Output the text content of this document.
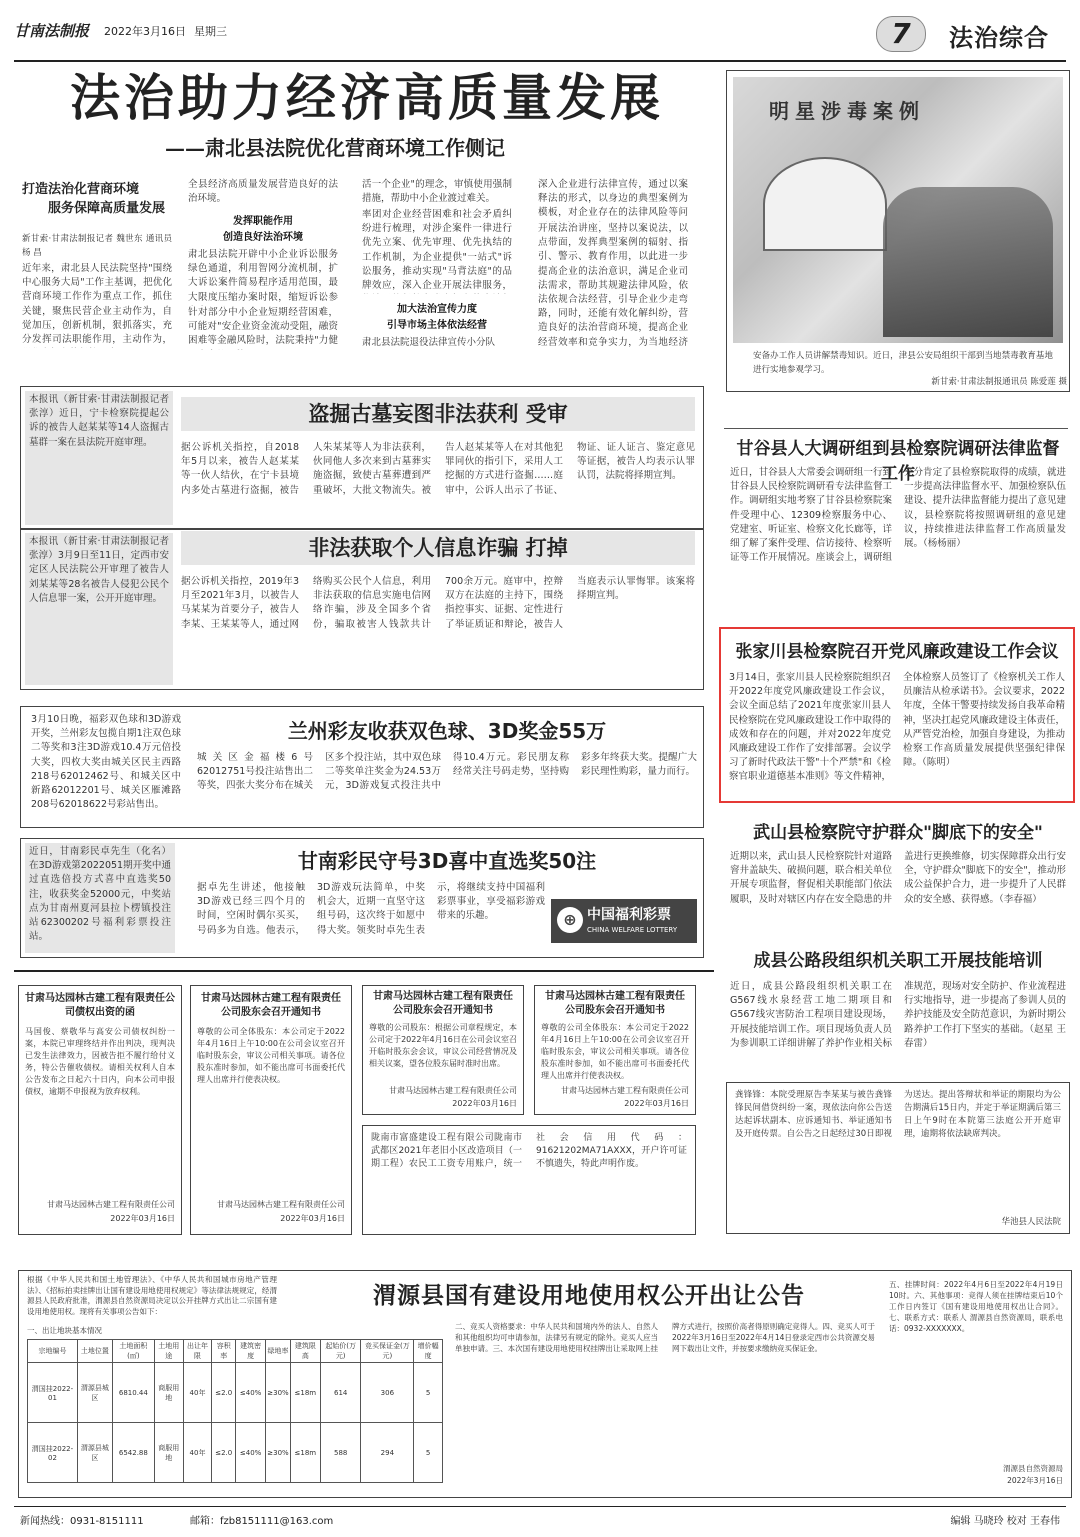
甘南法制报 2022年3月16日 星期三	7	法治综合
法治助力经济高质量发展
——肃北县法院优化营商环境工作侧记
打造法治化营商环境
服务保障高质量发展
新甘索·甘肃法制报记者 魏世东 通讯员 杨 昌
近年来，肃北县人民法院坚持"围绕中心服务大局"工作主基调，把优化营商环境工作作为重点工作，抓住关键，聚焦民营企业主动作为，自觉加压，创新机制，狠抓落实，充分发挥司法职能作用，主动作为，
全县经济高质量发展营造良好的法治环境。
发挥职能作用
创造良好法治环境
肃北县法院开辟中小企业诉讼服务绿色通道，利用智网分流机制，扩大诉讼案件简易程序适用范围，最大限度压缩办案时限，缩短诉讼参
针对部分中小企业短期经营困难，可能对"安企业资金流动受阻，融资困难等金融风险时，法院秉持"力健
活一个企业"的理念，审慎使用强制措施，帮助中小企业渡过难关。
率团对企业经营困难和社会矛盾纠纷进行梳理，对涉企案件一律进行优先立案、优先审理、优先执结的工作机制，为企业提供"一站式"诉讼服务，推动实现"马背法庭"的品牌效应，深入企业开展法律服务，
加大法治宣传力度
引导市场主体依法经营
肃北县法院退役法律宣传小分队
深入企业进行法律宣传，通过以案释法的形式，以身边的典型案例为模板，对企业存在的法律风险等问
开展法治讲座，坚持以案说法，以点带面，发挥典型案例的辐射、指引、警示、教育作用，以此进一步提高企业的法治意识，满足企业司法需求，帮助其规避法律风险，依法依规合法经营，引导企业少走弯路，同时，还能有效化解纠纷，营造良好的法治营商环境，提高企业经营效率和竞争实力，为当地经济
明星涉毒案例
安备办工作人员讲解禁毒知识。近日，津县公安局组织干部到当地禁毒教育基地进行实地参观学习。
新甘索·甘肃法制报通讯员 陈爱莲 摄
本报讯（新甘索·甘肃法制报记者 张淳）近日，宁卡检察院提起公诉的被告人赵某某等14人盗掘古墓群一案在县法院开庭审理。
盗掘古墓妄图非法获利 受审
据公诉机关指控，自2018年5月以来，被告人赵某某等一伙人结伙，在宁卡县境内多处古墓进行盗掘，被告人朱某某等人为非法获利，伙同他人多次来到古墓葬实施盗掘，致使古墓葬遭到严重破坏，大批文物流失。被告人赵某某等人在对其他犯罪同伙的指引下，采用人工挖掘的方式进行盗掘……庭审中，公诉人出示了书证、物证、证人证言、鉴定意见等证据，被告人均表示认罪认罚，法院将择期宣判。
本报讯（新甘索·甘肃法制报记者 张淳）3月9日至11日，定西市安定区人民法院公开审理了被告人刘某某等28名被告人侵犯公民个人信息罪一案，公开开庭审理。
非法获取个人信息诈骗 打掉
据公诉机关指控，2019年3月至2021年3月，以被告人马某某为首要分子，被告人李某、王某某等人，通过网络购买公民个人信息，利用非法获取的信息实施电信网络诈骗，涉及全国多个省份，骗取被害人钱款共计700余万元。庭审中，控辩双方在法庭的主持下，围绕指控事实、证据、定性进行了举证质证和辩论，被告人当庭表示认罪悔罪。该案将择期宣判。
3月10日晚，福彩双色球和3D游戏开奖，兰州彩友包揽自期1注双色球二等奖和3注3D游戏10.4万元倍投大奖，四枚大奖由城关区民主西路218号62012462号、和城关区中新路62012201号、城关区雁滩路208号62018622号彩站售出。
兰州彩友收获双色球、3D奖金55万
城关区金福楼6号62012751号投注站售出二等奖，四张大奖分布在城关区多个投注站，其中双色球二等奖单注奖金为24.53万元，3D游戏复式投注共中得10.4万元。彩民朋友称经常关注号码走势，坚持购彩多年终获大奖。提醒广大彩民理性购彩，量力而行。
近日，甘南彩民卓先生（化名）在3D游戏第2022051期开奖中通过直选倍投方式喜中直选奖50注，收获奖金52000元，中奖站点为甘南州夏河县拉卜楞镇投注站62300202号福利彩票投注站。
甘南彩民守号3D喜中直选奖50注
据卓先生讲述，他接触3D游戏已经三四个月的时间，空闲时偶尔买买，号码多为自选。他表示，3D游戏玩法简单，中奖机会大，近期一直坚守这组号码，这次终于如愿中得大奖。领奖时卓先生表示，将继续支持中国福利彩票事业，享受福彩游戏带来的乐趣。	⊕ 中国福利彩票
CHINA WELFARE LOTTERY
甘谷县人大调研组到县检察院调研法律监督工作
近日，甘谷县人大常委会调研组一行到甘谷县人民检察院调研看专法律监督工作。调研组实地考察了甘谷县检察院案件受理中心、12309检察服务中心、党建室、听证室、检察文化长廊等，详细了解了案件受理、信访接待、检察听证等工作开展情况。座谈会上，调研组充分肯定了县检察院取得的成绩，就进一步提高法律监督水平、加强检察队伍建设、提升法律监督能力提出了意见建议，县检察院将按照调研组的意见建议，持续推进法律监督工作高质量发展。（杨杨丽）
张家川县检察院召开党风廉政建设工作会议
3月14日，张家川县人民检察院组织召开2022年度党风廉政建设工作会议，会议全面总结了2021年度张家川县人民检察院在党风廉政建设工作中取得的成效和存在的问题，并对2022年度党风廉政建设工作作了安排部署。会议学习了新时代政法干警"十个严禁"和《检察官职业道德基本准则》等文件精神，全体检察人员签订了《检察机关工作人员廉洁从检承诺书》。会议要求，2022年度，全体干警要持续发扬自我革命精神，坚决扛起党风廉政建设主体责任，从严管党治检，加强自身建设，为推动检察工作高质量发展提供坚强纪律保障。（陈明）
武山县检察院守护群众"脚底下的安全"
近期以来，武山县人民检察院针对道路窨井盖缺失、破损问题，联合相关单位开展专项监督，督促相关职能部门依法履职，及时对辖区内存在安全隐患的井盖进行更换维修，切实保障群众出行安全，守护群众"脚底下的安全"，推动形成公益保护合力，进一步提升了人民群众的安全感、获得感。（李春福）
成县公路段组织机关职工开展技能培训
近日，成县公路段组织机关职工在G567线水泉经营工地二期项目和G567线灾害防治工程项目建设现场，开展技能培训工作。项目现场负责人员为参训职工详细讲解了养护作业相关标准规范，现场对安全防护、作业流程进行实地指导，进一步提高了参训人员的养护技能及安全防范意识，为新时期公路养护工作打下坚实的基础。（赵星 王春雷）
甘肃马达园林古建工程有限责任公司债权出资的函
马国俊、蔡敬华与高安公司债权纠纷一案，本院已审理终结并作出判决，现判决已发生法律效力，因被告拒不履行给付义务，特公告催收债权。请相关权利人自本公告发布之日起六十日内，向本公司申报债权，逾期不申报视为放弃权利。
甘肃马达园林古建工程有限责任公司
2022年03月16日
甘肃马达园林古建工程有限责任公司股东会召开通知书
尊敬的公司全体股东：本公司定于2022年4月16日上午10:00在公司会议室召开临时股东会，审议公司相关事项。请各位股东准时参加，如不能出席可书面委托代理人出席并行使表决权。
甘肃马达园林古建工程有限责任公司
2022年03月16日
甘肃马达园林古建工程有限责任公司股东会召开通知书
尊敬的公司股东：根据公司章程规定，本公司定于2022年4月16日在公司会议室召开临时股东会会议，审议公司经营情况及相关议案，望各位股东届时准时出席。
甘肃马达园林古建工程有限责任公司
2022年03月16日
甘肃马达园林古建工程有限责任公司股东会召开通知书
尊敬的公司全体股东：本公司定于2022年4月16日上午10:00在公司会议室召开临时股东会，审议公司相关事项。请各位股东准时参加，如不能出席可书面委托代理人出席并行使表决权。
甘肃马达园林古建工程有限责任公司
2022年03月16日
陇南市富盛建设工程有限公司陇南市武都区2021年老旧小区改造项目（一期工程）农民工工资专用账户，统一社会信用代码：91621202MA71AXXX，开户许可证不慎遗失，特此声明作废。
龚锋锋：本院受理原告李某某与被告龚锋锋民间借贷纠纷一案，现依法向你公告送达起诉状副本、应诉通知书、举证通知书及开庭传票。自公告之日起经过30日即视为送达。提出答辩状和举证的期限均为公告期满后15日内，并定于举证期满后第三日上午9时在本院第三法庭公开开庭审理，逾期将依法缺席判决。
华池县人民法院
根据《中华人民共和国土地管理法》、《中华人民共和国城市房地产管理法》、《招标拍卖挂牌出让国有建设用地使用权规定》等法律法规规定，经渭源县人民政府批准，渭源县自然资源局决定以公开挂牌方式出让二宗国有建设用地使用权。现将有关事项公告如下：
一、出让地块基本情况
宗地编号	土地位置	土地面积(㎡)	土地用途	出让年限	容积率	建筑密度	绿地率	建筑限高	起始价(万元)	竞买保证金(万元)	增价幅度
渭国挂2022-01	渭源县城区	6810.44	商服用地	40年	≤2.0	≤40%	≥30%	≤18m	614	306	5
渭国挂2022-02	渭源县城区	6542.88	商服用地	40年	≤2.0	≤40%	≥30%	≤18m	588	294	5
渭源县国有建设用地使用权公开出让公告
二、竞买人资格要求：中华人民共和国境内外的法人、自然人和其他组织均可申请参加，法律另有规定的除外。竞买人应当单独申请。三、本次国有建设用地使用权挂牌出让采取网上挂牌方式进行，按照价高者得原则确定竞得人。四、竞买人可于2022年3月16日至2022年4月14日登录定西市公共资源交易网下载出让文件，并按要求缴纳竞买保证金。
五、挂牌时间：2022年4月6日至2022年4月19日10时。六、其他事项：竞得人须在挂牌结束后10个工作日内签订《国有建设用地使用权出让合同》。七、联系方式：联系人 渭源县自然资源局，联系电话：0932-XXXXXXX。
渭源县自然资源局
2022年3月16日
新闻热线：0931-8151111	邮箱：fzb8151111@163.com	编辑 马晓玲 校对 王春伟
